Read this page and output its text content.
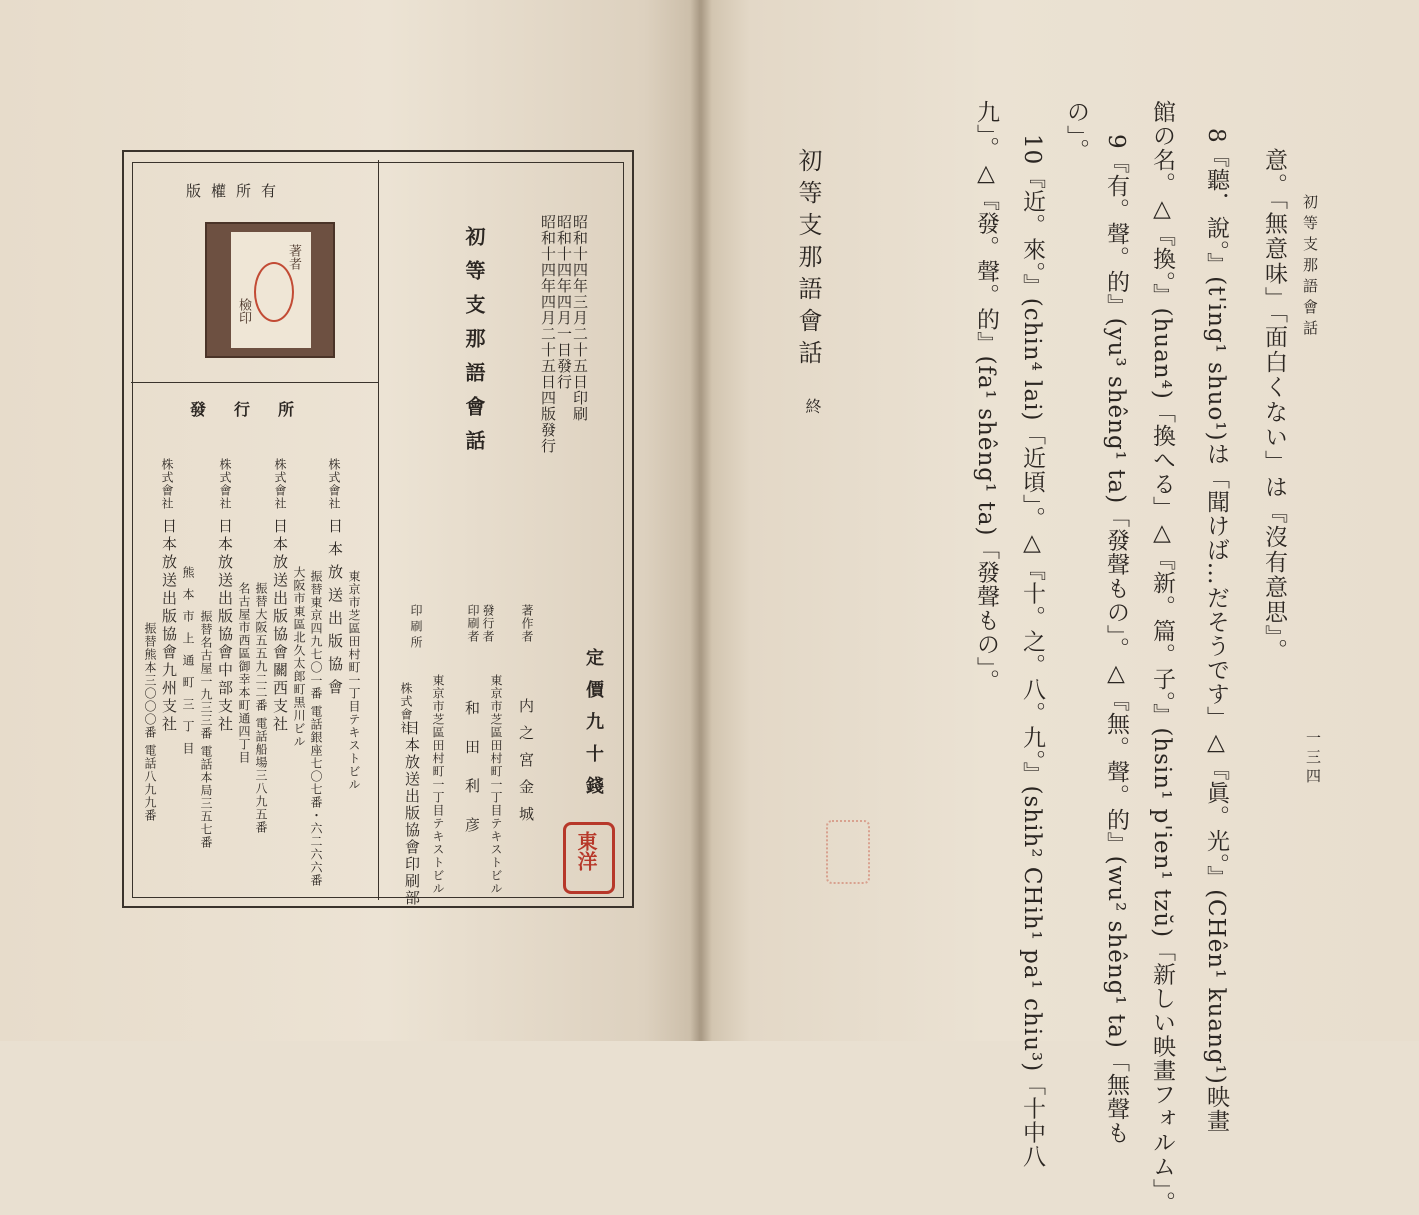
版權所有
著者
檢印
發行所
株式會社
日本放送出版協會 東京市芝區田村町一丁目テキストビル
振替東京四九七〇一番 電話銀座七〇七番・六二六六番
株式會社
日本放送出版協會關西支社 大阪市東區北久太郎町黒川ビル
振替大阪五五九二二番 電話船場三八九五番
株式會社
日本放送出版協會中部支社 名古屋市西區御幸本町通四丁目
振替名古屋一九三三番 電話本局三五七番
株式會社
日本放送出版協會九州支社 熊本市上通町三丁目
振替熊本三〇〇〇番 電話八九九番
初等支那語會話	昭和十四年三月二十五日印刷
昭和十四年四月一日發行
昭和十四年四月二十五日四版發行
著作者
内之宮金城
發行者
印刷者
東京市芝區田村町一丁目テキストビル
和田利彦
印刷所
東京市芝區田村町一丁目テキストビル
株式會社
日本放送出版協會印刷部	定價九十錢
東洋
初等支那語會話
一三四
初等支那語會話
終	意。「無意味」「面白くない」は『沒有意思』。
8『聽．說。』(t'ing¹ shuo¹)は「聞けば…だそうです」△『眞。光。』(CHên¹ kuang¹)映畫
館の名。△『換。』(huan⁴)「換へる」△『新。篇。子。』(hsin¹ p'ien¹ tzŭ)「新しい映畫フォルム」。
9『有。聲。的』(yu³ shêng¹ ta)「發聲もの」。△『無。聲。的』(wu² shêng¹ ta)「無聲も
の」。
10『近。來。』(chin⁴ lai)「近頃」。△『十。之。八。九。』(shih² CHih¹ pa¹ chiu³)「十中八
九」。△『發。聲。的』(fa¹ shêng¹ ta)「發聲もの」。
